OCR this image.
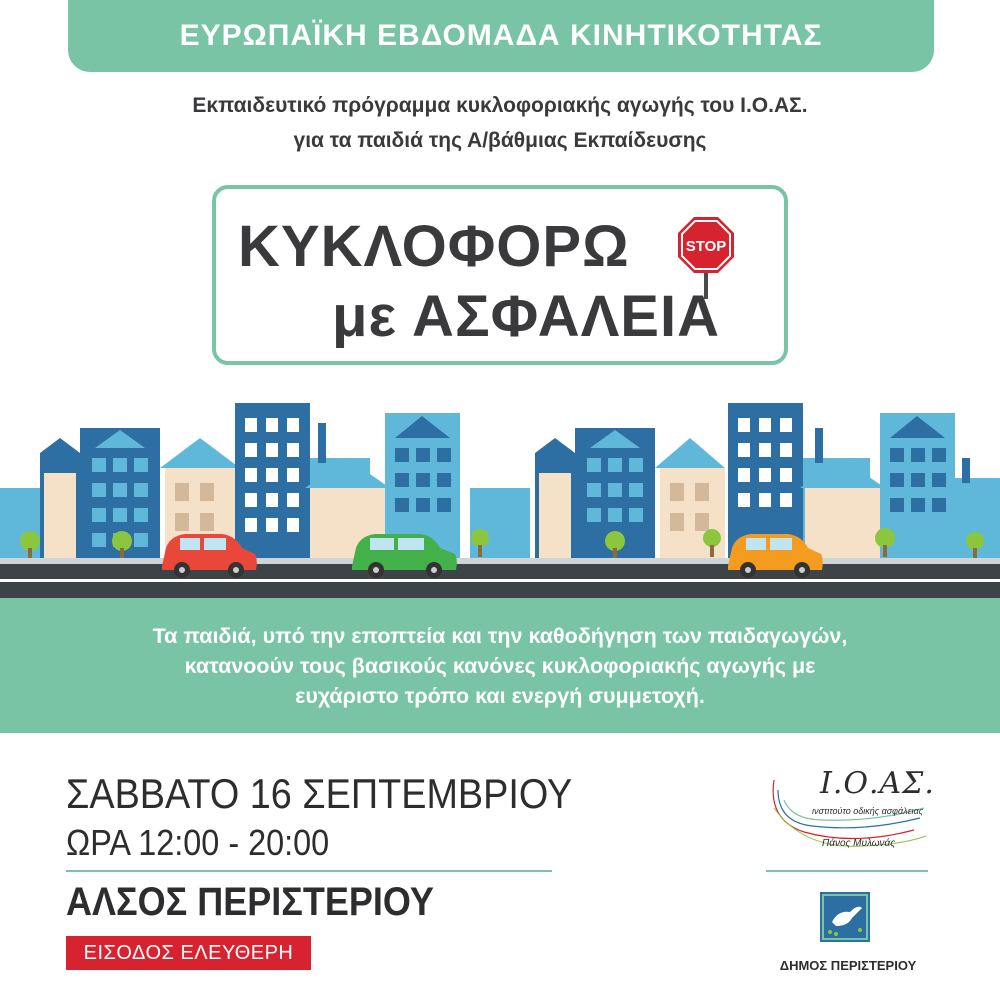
ΕΥΡΩΠΑΪΚΗ ΕΒΔΟΜΑΔΑ ΚΙΝΗΤΙΚΟΤΗΤΑΣ
Εκπαιδευτικό πρόγραμμα κυκλοφοριακής αγωγής του Ι.Ο.ΑΣ.
για τα παιδιά της Α/βάθμιας Εκπαίδευσης
ΚΥΚΛΟΦΟΡΩ	STOP
με ΑΣΦΑΛΕΙΑ
Τα παιδιά, υπό την εποπτεία και την καθοδήγηση των παιδαγωγών,
κατανοούν τους βασικούς κανόνες κυκλοφοριακής αγωγής με
ευχάριστο τρόπο και ενεργή συμμετοχή.
ΣΑΒΒΑΤΟ 16 ΣΕΠΤΕΜΒΡΙΟΥ
ΩΡΑ 12:00 - 20:00
ΑΛΣΟΣ ΠΕΡΙΣΤΕΡΙΟΥ
ΕΙΣΟΔΟΣ ΕΛΕΥΘΕΡΗ
Ι.Ο.ΑΣ.
ινστιτούτο οδικής ασφάλειας
Πάνος Μυλωνάς
ΔΗΜΟΣ ΠΕΡΙΣΤΕΡΙΟΥ
